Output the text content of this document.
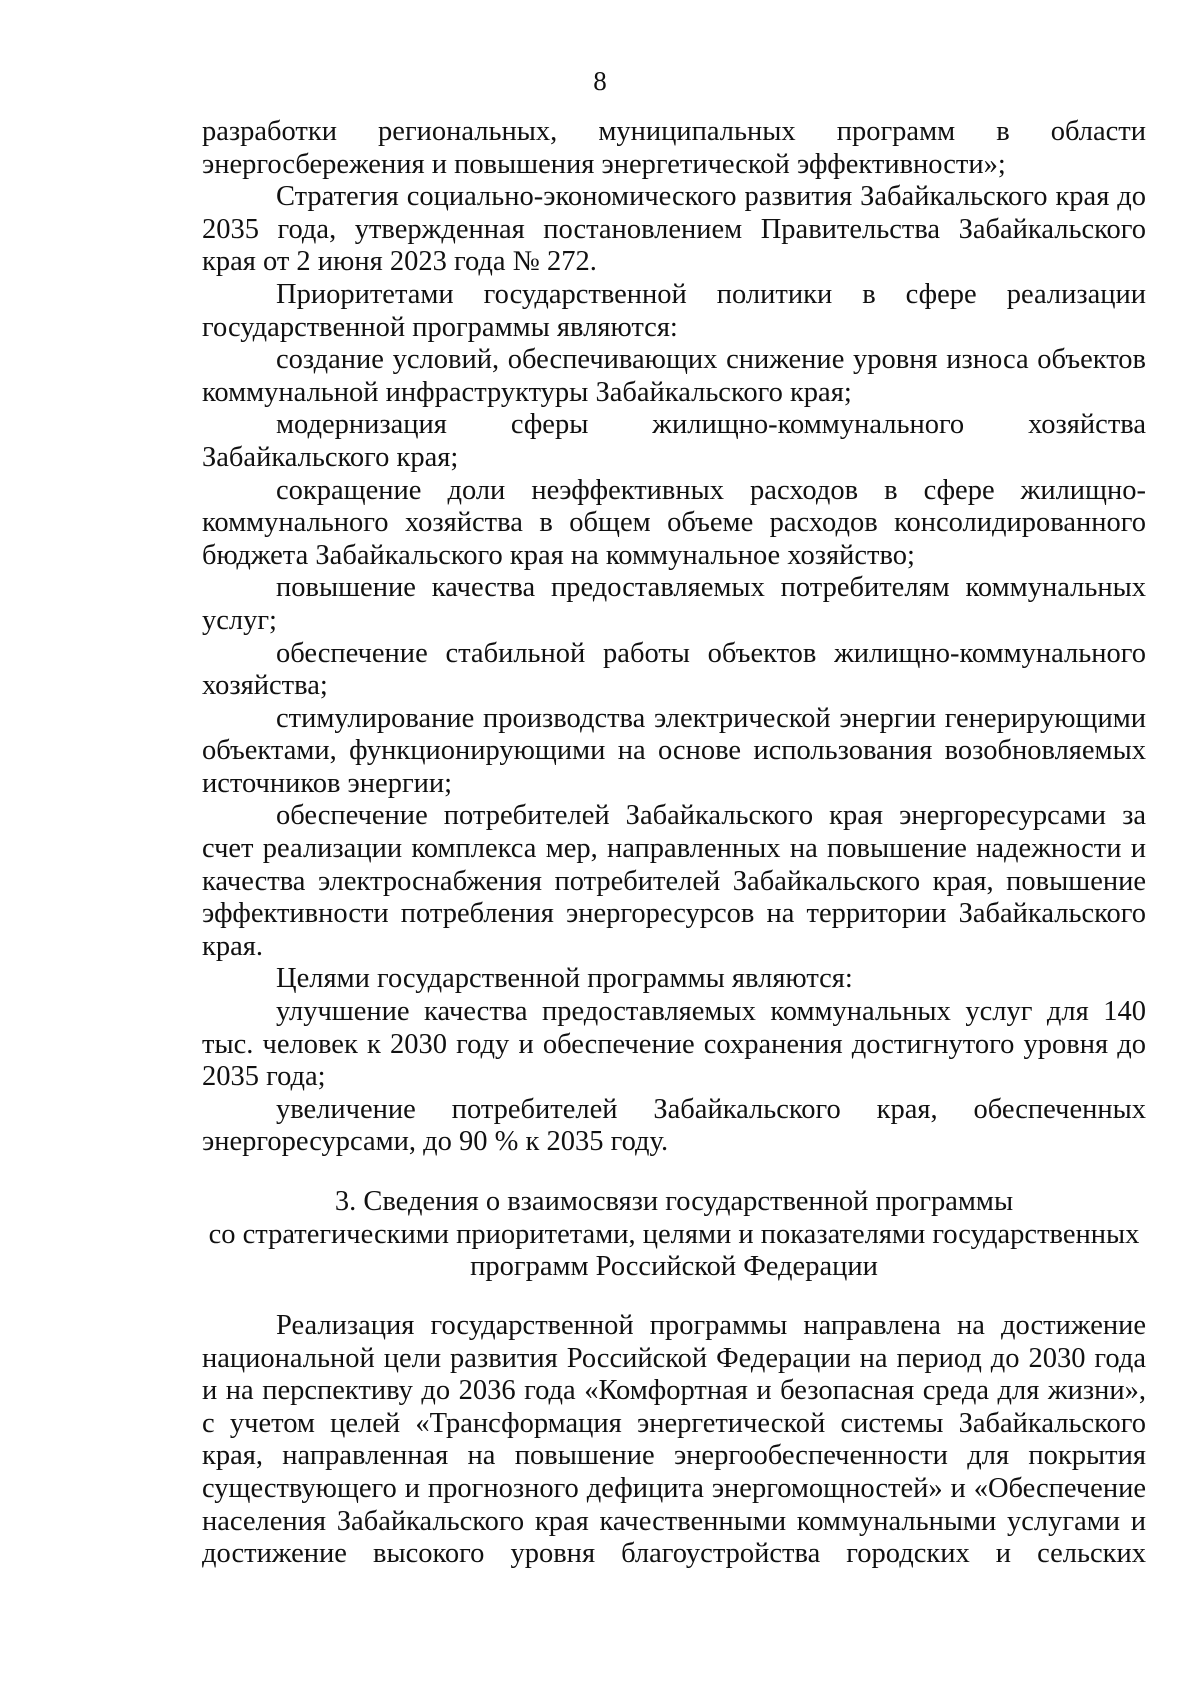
8

разработки региональных, муниципальных программ в области энергосбережения и повышения энергетической эффективности»;

Стратегия социально-экономического развития Забайкальского края до 2035 года, утвержденная постановлением Правительства Забайкальского края от 2 июня 2023 года № 272.

Приоритетами государственной политики в сфере реализации государственной программы являются:

создание условий, обеспечивающих снижение уровня износа объектов коммунальной инфраструктуры Забайкальского края;

модернизация сферы жилищно-коммунального хозяйства Забайкальского края;

сокращение доли неэффективных расходов в сфере жилищно-коммунального хозяйства в общем объеме расходов консолидированного бюджета Забайкальского края на коммунальное хозяйство;

повышение качества предоставляемых потребителям коммунальных услуг;

обеспечение стабильной работы объектов жилищно-коммунального хозяйства;

стимулирование производства электрической энергии генерирующими объектами, функционирующими на основе использования возобновляемых источников энергии;

обеспечение потребителей Забайкальского края энергоресурсами за счет реализации комплекса мер, направленных на повышение надежности и качества электроснабжения потребителей Забайкальского края, повышение эффективности потребления энергоресурсов на территории Забайкальского края.

Целями государственной программы являются:

улучшение качества предоставляемых коммунальных услуг для 140 тыс. человек к 2030 году и обеспечение сохранения достигнутого уровня до 2035 года;

увеличение потребителей Забайкальского края, обеспеченных энергоресурсами, до 90 % к 2035 году.

3. Сведения о взаимосвязи государственной программы
со стратегическими приоритетами, целями и показателями государственных
программ Российской Федерации

Реализация государственной программы направлена на достижение национальной цели развития Российской Федерации на период до 2030 года и на перспективу до 2036 года «Комфортная и безопасная среда для жизни», с учетом целей «Трансформация энергетической системы Забайкальского края, направленная на повышение энергообеспеченности для покрытия существующего и прогнозного дефицита энергомощностей» и «Обеспечение населения Забайкальского края качественными коммунальными услугами и достижение высокого уровня благоустройства городских и сельских
